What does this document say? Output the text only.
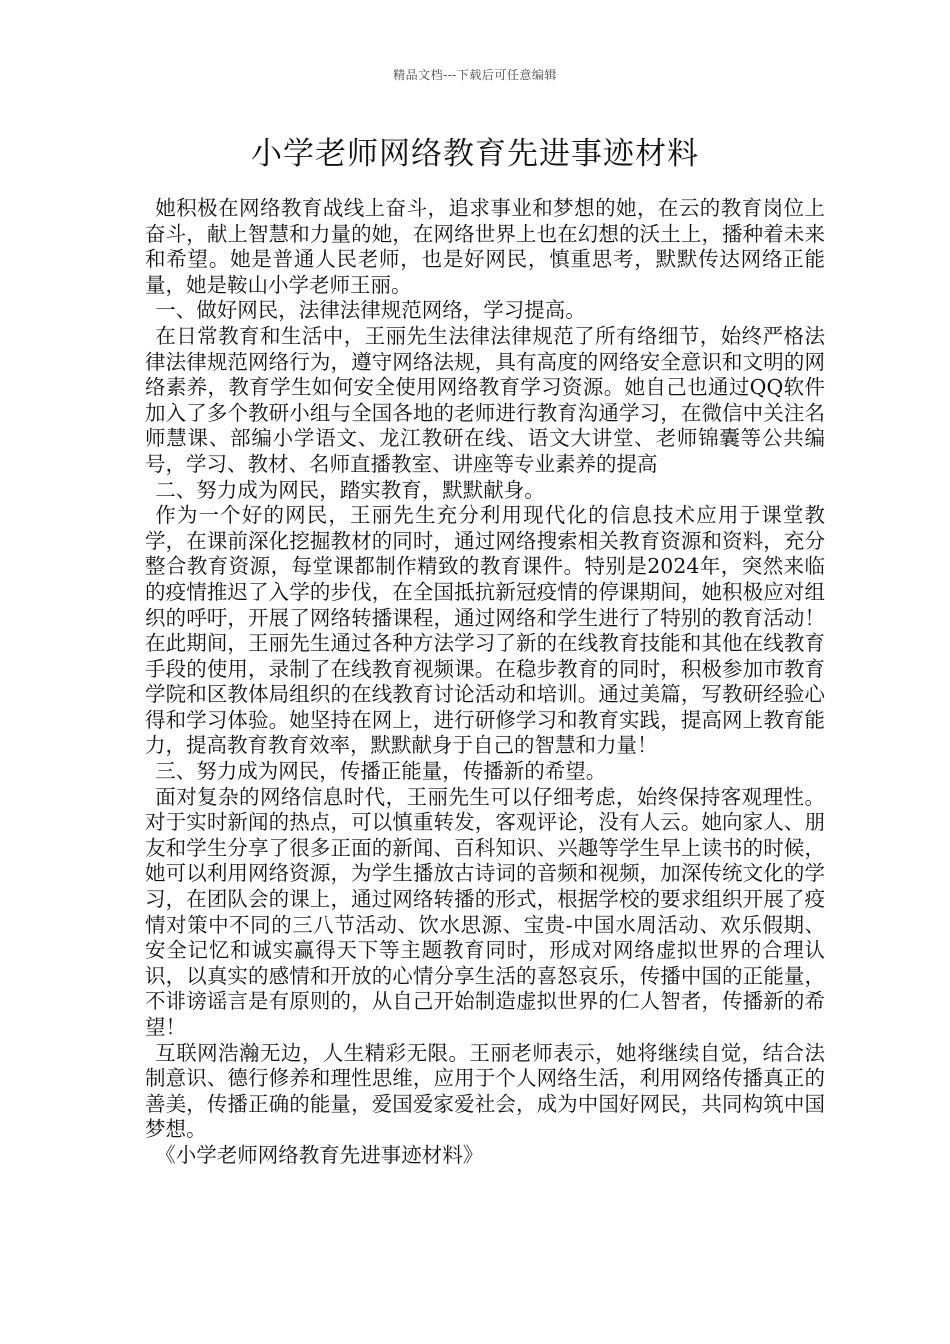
精品文档---下载后可任意编辑
小学老师网络教育先进事迹材料

她积极在网络教育战线上奋斗，追求事业和梦想的她，在云的教育岗位上奋斗，献上智慧和力量的她，在网络世界上也在幻想的沃土上，播种着未来和希望。她是普通人民老师，也是好网民，慎重思考，默默传达网络正能量，她是鞍山小学老师王丽。

一、做好网民，法律法律规范网络，学习提高。

在日常教育和生活中，王丽先生法律法律规范了所有络细节，始终严格法律法律规范网络行为，遵守网络法规，具有高度的网络安全意识和文明的网络素养，教育学生如何安全使用网络教育学习资源。她自己也通过QQ软件加入了多个教研小组与全国各地的老师进行教育沟通学习，在微信中关注名师慧课、部编小学语文、龙江教研在线、语文大讲堂、老师锦囊等公共编号，学习、教材、名师直播教室、讲座等专业素养的提高

二、努力成为网民，踏实教育，默默献身。

作为一个好的网民，王丽先生充分利用现代化的信息技术应用于课堂教学，在课前深化挖掘教材的同时，通过网络搜索相关教育资源和资料，充分整合教育资源，每堂课都制作精致的教育课件。特别是2024年，突然来临的疫情推迟了入学的步伐，在全国抵抗新冠疫情的停课期间，她积极应对组织的呼吁，开展了网络转播课程，通过网络和学生进行了特别的教育活动！在此期间，王丽先生通过各种方法学习了新的在线教育技能和其他在线教育手段的使用，录制了在线教育视频课。在稳步教育的同时，积极参加市教育学院和区教体局组织的在线教育讨论活动和培训。通过美篇，写教研经验心得和学习体验。她坚持在网上，进行研修学习和教育实践，提高网上教育能力，提高教育教育效率，默默献身于自己的智慧和力量！

三、努力成为网民，传播正能量，传播新的希望。

面对复杂的网络信息时代，王丽先生可以仔细考虑，始终保持客观理性。对于实时新闻的热点，可以慎重转发，客观评论，没有人云。她向家人、朋友和学生分享了很多正面的新闻、百科知识、兴趣等学生早上读书的时候，她可以利用网络资源，为学生播放古诗词的音频和视频，加深传统文化的学习，在团队会的课上，通过网络转播的形式，根据学校的要求组织开展了疫情对策中不同的三八节活动、饮水思源、宝贵-中国水周活动、欢乐假期、安全记忆和诚实赢得天下等主题教育同时，形成对网络虚拟世界的合理认识，以真实的感情和开放的心情分享生活的喜怒哀乐，传播中国的正能量，不诽谤谣言是有原则的，从自己开始制造虚拟世界的仁人智者，传播新的希望！

互联网浩瀚无边，人生精彩无限。王丽老师表示，她将继续自觉，结合法制意识、德行修养和理性思维，应用于个人网络生活，利用网络传播真正的善美，传播正确的能量，爱国爱家爱社会，成为中国好网民，共同构筑中国梦想。

《小学老师网络教育先进事迹材料》
